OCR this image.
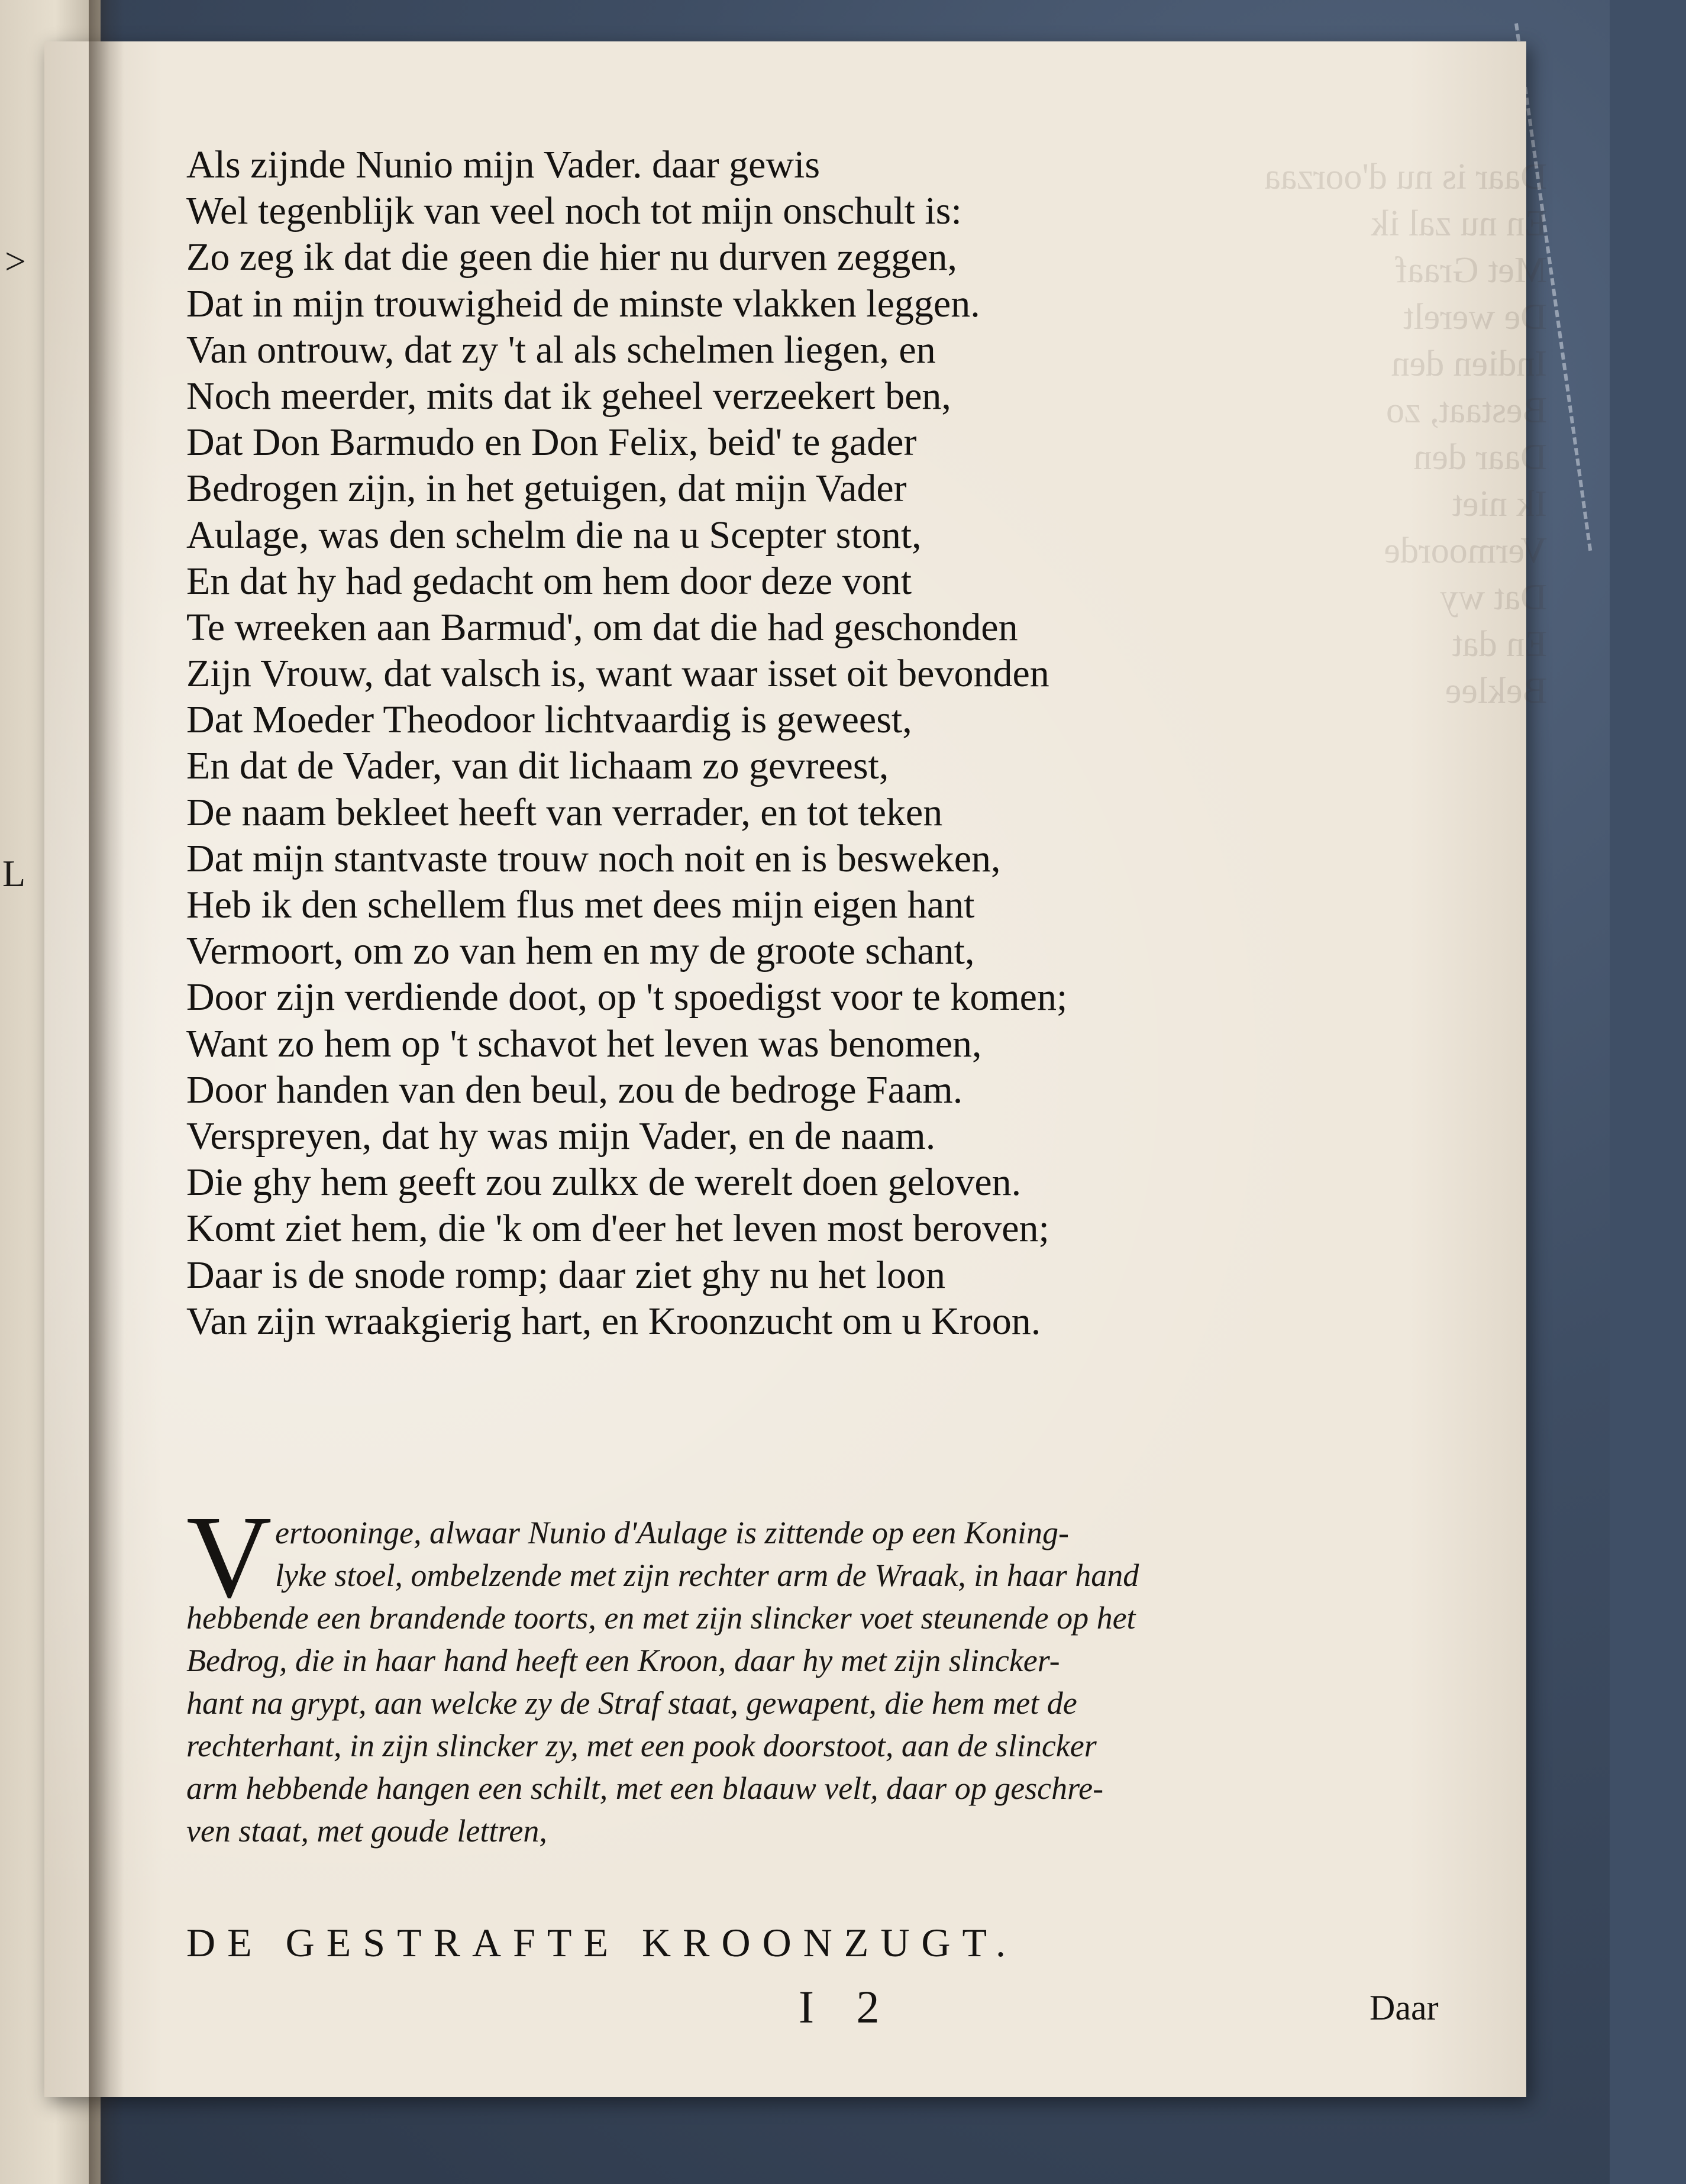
>
L
Daar is nu d'oorzaa
En nu zal ik
Met Graaf
De werelt
Indien den
Bestaat, zo
Daar den
Ik niet
Vermoorde
Dat wy
En dat
Beklee
Als zijnde Nunio mijn Vader. daar gewis
Wel tegenblijk van veel noch tot mijn onschult is:
Zo zeg ik dat die geen die hier nu durven zeggen,
Dat in mijn trouwigheid de minste vlakken leggen.
Van ontrouw, dat zy 't al als schelmen liegen, en
Noch meerder, mits dat ik geheel verzeekert ben,
Dat Don Barmudo en Don Felix, beid' te gader
Bedrogen zijn, in het getuigen, dat mijn Vader
Aulage, was den schelm die na u Scepter stont,
En dat hy had gedacht om hem door deze vont
Te wreeken aan Barmud', om dat die had geschonden
Zijn Vrouw, dat valsch is, want waar isset oit bevonden
Dat Moeder Theodoor lichtvaardig is geweest,
En dat de Vader, van dit lichaam zo gevreest,
De naam bekleet heeft van verrader, en tot teken
Dat mijn stantvaste trouw noch noit en is besweken,
Heb ik den schellem flus met dees mijn eigen hant
Vermoort, om zo van hem en my de groote schant,
Door zijn verdiende doot, op 't spoedigst voor te komen;
Want zo hem op 't schavot het leven was benomen,
Door handen van den beul, zou de bedroge Faam.
Verspreyen, dat hy was mijn Vader, en de naam.
Die ghy hem geeft zou zulkx de werelt doen geloven.
Komt ziet hem, die 'k om d'eer het leven most beroven;
Daar is de snode romp; daar ziet ghy nu het loon
Van zijn wraakgierig hart, en Kroonzucht om u Kroon.
V ertooninge, alwaar Nunio d'Aulage is zittende op een Koning-
lyke stoel, ombelzende met zijn rechter arm de Wraak, in haar hand
hebbende een brandende toorts, en met zijn slincker voet steunende op het
Bedrog, die in haar hand heeft een Kroon, daar hy met zijn slincker-
hant na grypt, aan welcke zy de Straf staat, gewapent, die hem met de
rechterhant, in zijn slincker zy, met een pook doorstoot, aan de slincker
arm hebbende hangen een schilt, met een blaauw velt, daar op geschre-
ven staat, met goude lettren,
DE GESTRAFTE KROONZUGT.
I 2	Daar
